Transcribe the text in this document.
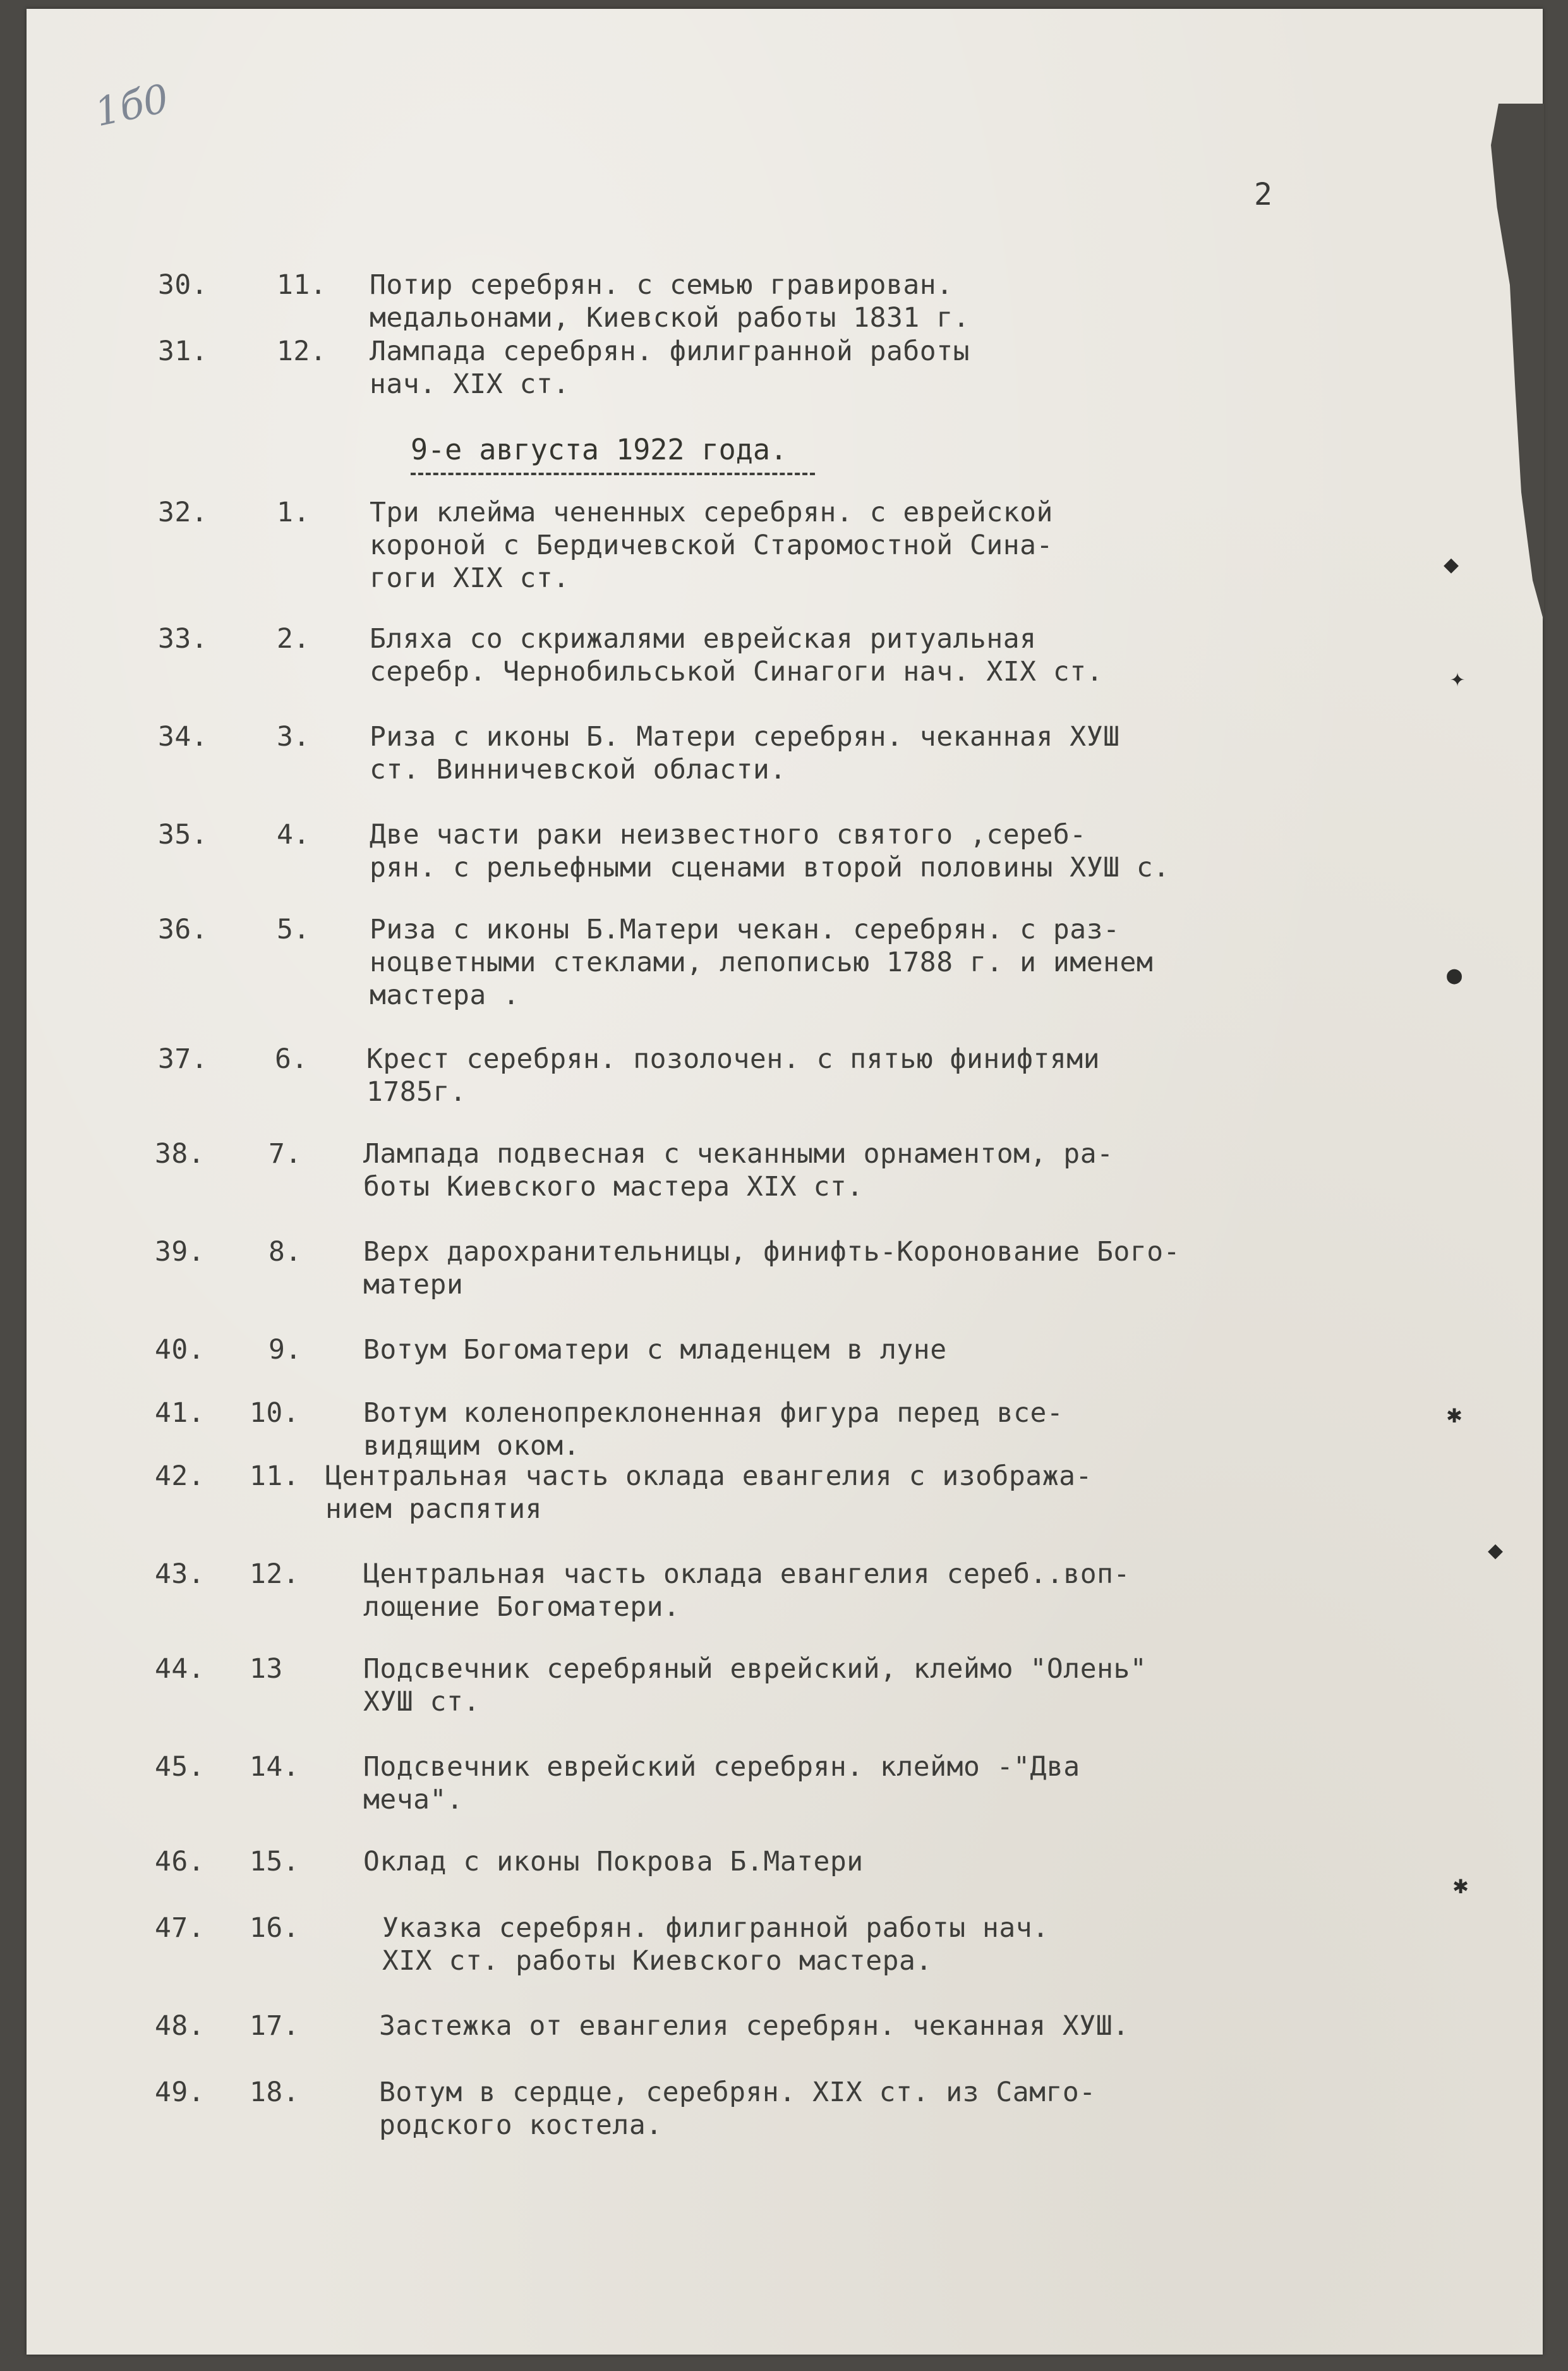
1б0
2
30.	11.	Потир серебрян. с семью гравирован.
медальонами, Киевской работы 1831 г.
31.	12.	Лампада серебрян. филигранной работы
нач. XIX ст.
9-е августа 1922 года.
32.	1.	Три клейма чененных серебрян. с еврейской
короной с Бердичевской Старомостной Сина-
гоги XIX ст.
33.	2.	Бляха со скрижалями еврейская ритуальная
серебр. Чернобильськой Синагоги нач. XIX ст.
34.	3.	Риза с иконы Б. Матери серебрян. чеканная ХУШ
ст. Винничевской области.
35.	4.	Две части раки неизвестного святого ,сереб-
рян. с рельефными сценами второй половины ХУШ с.
36.	5.	Риза с иконы Б.Матери чекан. серебрян. с раз-
ноцветными стеклами, лепописью 1788 г. и именем
мастера .
37.	6.	Крест серебрян. позолочен. с пятью финифтями
1785г.
38.	7.	Лампада подвесная с чеканными орнаментом, ра-
боты Киевского мастера XIX ст.
39.	8.	Верх дарохранительницы, финифть-Коронование Бого-
матери
40.	9.	Вотум Богоматери с младенцем в луне
41.	10.	Вотум коленопреклоненная фигура перед все-
видящим оком.
42.	11. Центральная часть оклада евангелия с изобража-
нием распятия
43.	12.	Центральная часть оклада евангелия сереб..воп-
лощение Богоматери.
44.	13	Подсвечник серебряный еврейский, клеймо "Олень"
ХУШ ст.
45.	14.	Подсвечник еврейский серебрян. клеймо -"Два
меча".
46.	15.	Оклад с иконы Покрова Б.Матери
47.	16.	Указка серебрян. филигранной работы нач.
XIX ст. работы Киевского мастера.
48.	17.	Застежка от евангелия серебрян. чеканная ХУШ.
49.	18.	Вотум в сердце, серебрян. XIX ст. из Самго-
родского костела.
◆
✦
●
✱
◆
✱
